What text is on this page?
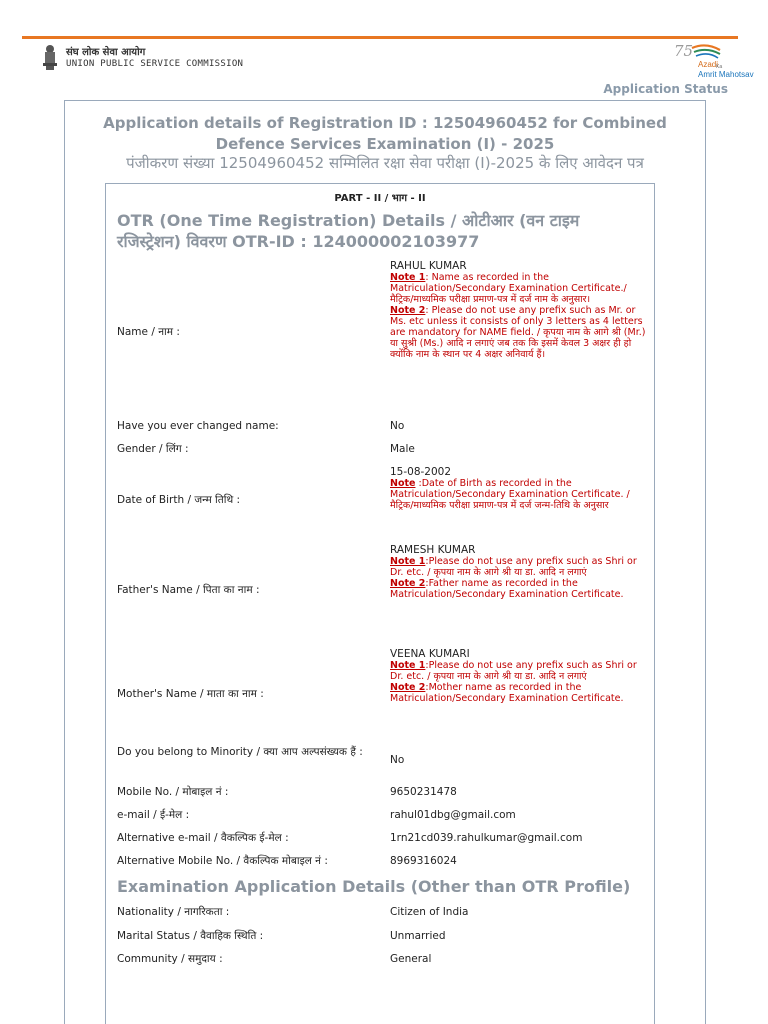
संघ लोक सेवा आयोग
UNION PUBLIC SERVICE COMMISSION
75
Azadi
Ka
Amrit Mahotsav
Application Status
Application details of Registration ID : 12504960452 for Combined Defence Services Examination (I) - 2025
पंजीकरण संख्या 12504960452 सम्मिलित रक्षा सेवा परीक्षा (I)-2025 के लिए आवेदन पत्र
PART - II / भाग - II
OTR (One Time Registration) Details / ओटीआर (वन टाइम रजिस्ट्रेशन) विवरण OTR-ID : 124000002103977
Name / नाम :
RAHUL KUMAR
Note 1: Name as recorded in the Matriculation/Secondary Examination Certificate./ मैट्रिक/माध्यमिक परीक्षा प्रमाण-पत्र में दर्ज नाम के अनुसार।
Note 2: Please do not use any prefix such as Mr. or Ms. etc unless it consists of only 3 letters as 4 letters are mandatory for NAME field. / कृपया नाम के आगे श्री (Mr.) या सुश्री (Ms.) आदि न लगाएं जब तक कि इसमें केवल 3 अक्षर ही हो क्योंकि नाम के स्थान पर 4 अक्षर अनिवार्य हैं।
Have you ever changed name:	No
Gender / लिंग :	Male
Date of Birth / जन्म तिथि :
15-08-2002
Note :Date of Birth as recorded in the Matriculation/Secondary Examination Certificate. / मैट्रिक/माध्यमिक परीक्षा प्रमाण-पत्र में दर्ज जन्म-तिथि के अनुसार
Father's Name / पिता का नाम :
RAMESH KUMAR
Note 1:Please do not use any prefix such as Shri or Dr. etc. / कृपया नाम के आगे श्री या डा. आदि न लगाएं
Note 2:Father name as recorded in the Matriculation/Secondary Examination Certificate.
Mother's Name / माता का नाम :
VEENA KUMARI
Note 1:Please do not use any prefix such as Shri or Dr. etc. / कृपया नाम के आगे श्री या डा. आदि न लगाएं
Note 2:Mother name as recorded in the Matriculation/Secondary Examination Certificate.
Do you belong to Minority / क्या आप अल्पसंख्यक हैं :
No
Mobile No. / मोबाइल नं :	9650231478
e-mail / ई-मेल :	rahul01dbg@gmail.com
Alternative e-mail / वैकल्पिक ई-मेल :	1rn21cd039.rahulkumar@gmail.com
Alternative Mobile No. / वैकल्पिक मोबाइल नं :	8969316024
Examination Application Details (Other than OTR Profile)
Nationality / नागरिकता :	Citizen of India
Marital Status / वैवाहिक स्थिति :	Unmarried
Community / समुदाय :	General
